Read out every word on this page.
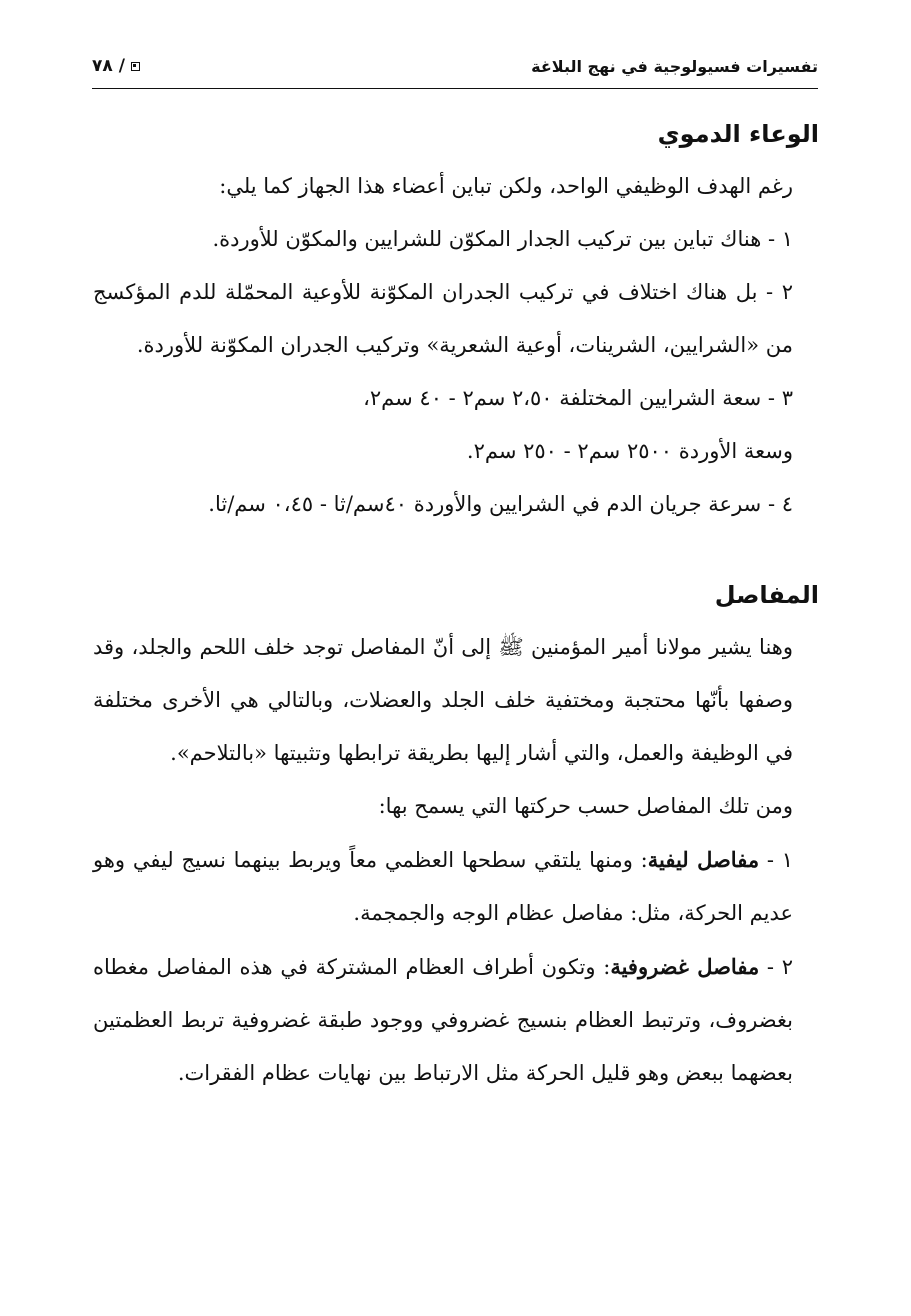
٧٨ /	تفسيرات فسيولوجية في نهج البلاغة
الوعاء الدموي

رغم الهدف الوظيفي الواحد، ولكن تباين أعضاء هذا الجهاز كما يلي:

١ - هناك تباين بين تركيب الجدار المكوّن للشرايين والمكوّن للأوردة.

٢ - بل هناك اختلاف في تركيب الجدران المكوّنة للأوعية المحمّلة للدم المؤكسج من «الشرايين، الشرينات، أوعية الشعرية» وتركيب الجدران المكوّنة للأوردة.

٣ - سعة الشرايين المختلفة ٢،٥٠ سم٢ - ٤٠ سم٢،

وسعة الأوردة ٢٥٠٠ سم٢ - ٢٥٠ سم٢.

٤ - سرعة جريان الدم في الشرايين والأوردة ٤٠سم/ثا - ٠،٤٥ سم/ثا.

المفاصل

وهنا يشير مولانا أمير المؤمنين ﷺ إلى أنّ المفاصل توجد خلف اللحم والجلد، وقد وصفها بأنّها محتجبة ومختفية خلف الجلد والعضلات، وبالتالي هي الأخرى مختلفة في الوظيفة والعمل، والتي أشار إليها بطريقة ترابطها وتثبيتها «بالتلاحم».

ومن تلك المفاصل حسب حركتها التي يسمح بها:

١ - مفاصل ليفية: ومنها يلتقي سطحها العظمي معاً ويربط بينهما نسيج ليفي وهو عديم الحركة، مثل: مفاصل عظام الوجه والجمجمة.

٢ - مفاصل غضروفية: وتكون أطراف العظام المشتركة في هذه المفاصل مغطاه بغضروف، وترتبط العظام بنسيج غضروفي ووجود طبقة غضروفية تربط العظمتين بعضهما ببعض وهو قليل الحركة مثل الارتباط بين نهايات عظام الفقرات.
